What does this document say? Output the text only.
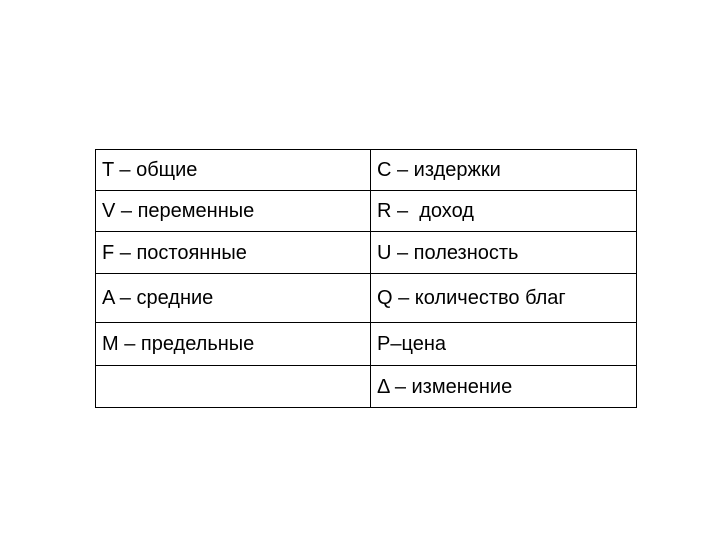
T – общие	C – издержки
V – переменные	R –  доход
F – постоянные	U – полезность
A – средние	Q – количество благ
M – предельные	P–цена
	Δ – изменение
